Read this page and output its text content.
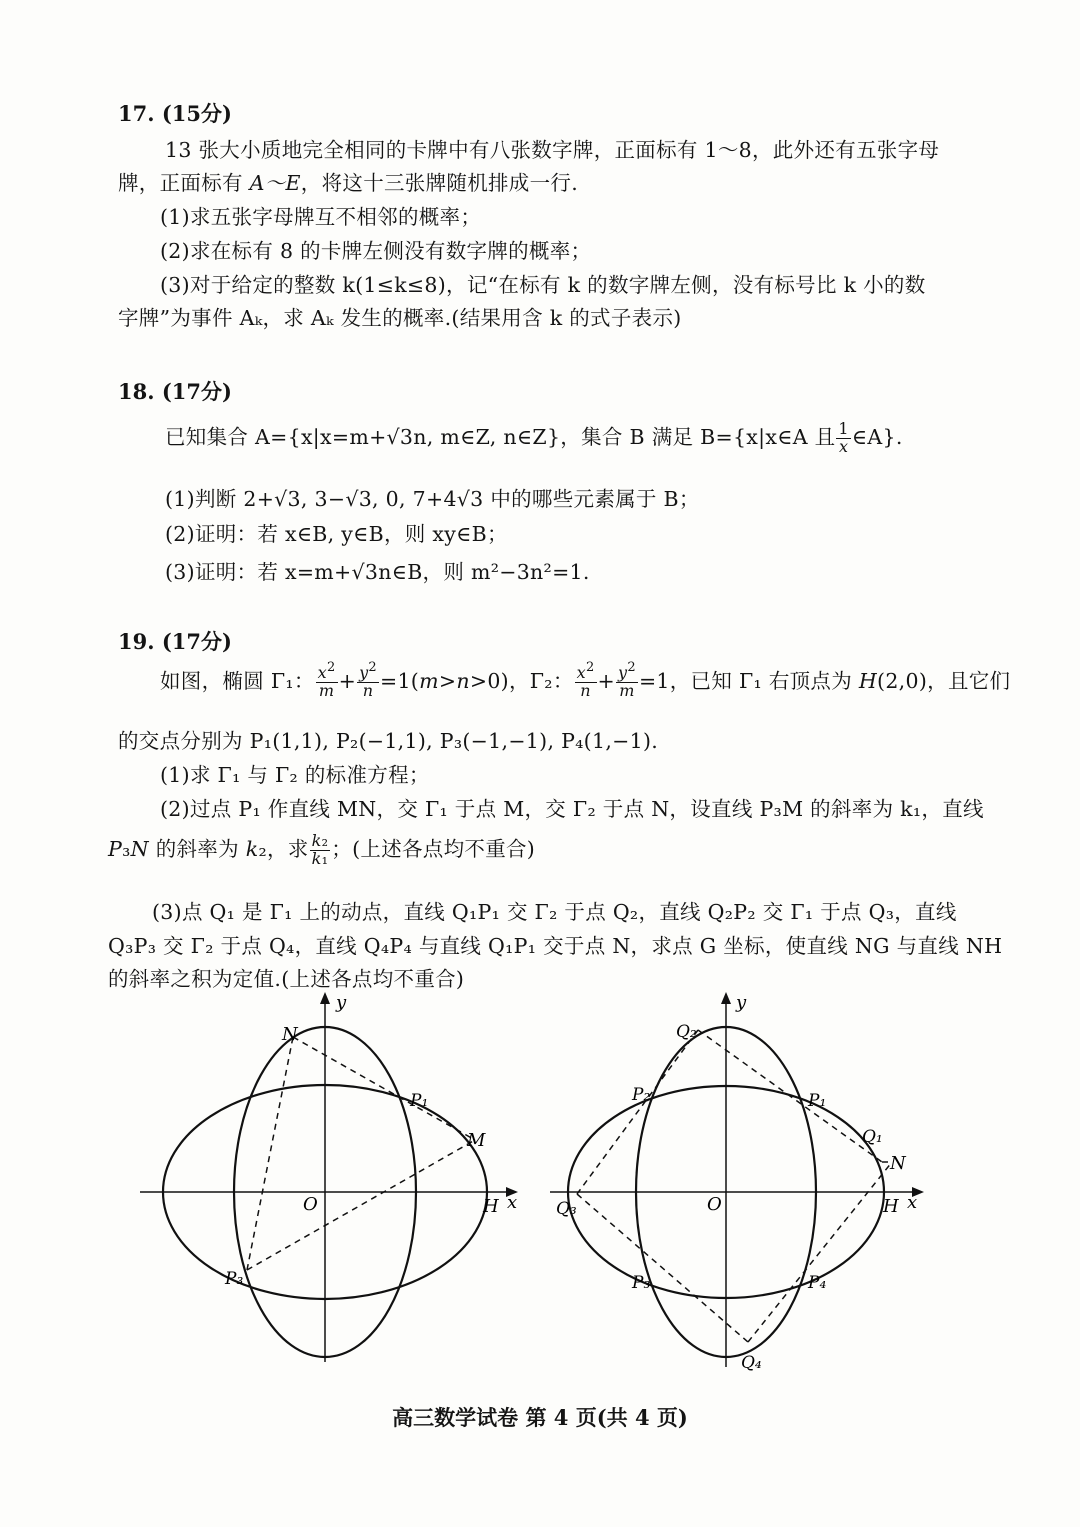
17. (15分)
13 张大小质地完全相同的卡牌中有八张数字牌，正面标有 1～8，此外还有五张字母
牌，正面标有 A～E，将这十三张牌随机排成一行.
(1)求五张字母牌互不相邻的概率；
(2)求在标有 8 的卡牌左侧没有数字牌的概率；
(3)对于给定的整数 k(1≤k≤8)，记“在标有 k 的数字牌左侧，没有标号比 k 小的数
字牌”为事件 Aₖ，求 Aₖ 发生的概率.(结果用含 k 的式子表示)
18. (17分)
已知集合 A={x|x=m+√3n, m∈Z, n∈Z}，集合 B 满足 B={x|x∈A 且 $\frac{1}{x}$ ∈A}.
(1)判断 2+√3, 3−√3, 0, 7+4√3 中的哪些元素属于 B；
(2)证明：若 x∈B, y∈B，则 xy∈B；
(3)证明：若 x=m+√3n∈B，则 m²−3n²=1.
19. (17分)
如图，椭圆 Γ₁： $\frac{x^2}{m} + \frac{y^2}{n} =1(m>n>0)$，Γ₂： $\frac{x^2}{n} + \frac{y^2}{m} =1$，已知 Γ₁ 右顶点为 H(2,0)，且它们
的交点分别为 P₁(1,1), P₂(−1,1), P₃(−1,−1), P₄(1,−1).
(1)求 Γ₁ 与 Γ₂ 的标准方程；
(2)过点 P₁ 作直线 MN，交 Γ₁ 于点 M，交 Γ₂ 于点 N，设直线 P₃M 的斜率为 k₁，直线
P₃N 的斜率为 k₂，求 $\frac{\text{k₂}}{\text{k₁}}$ ；(上述各点均不重合)
(3)点 Q₁ 是 Γ₁ 上的动点，直线 Q₁P₁ 交 Γ₂ 于点 Q₂，直线 Q₂P₂ 交 Γ₁ 于点 Q₃，直线
Q₃P₃ 交 Γ₂ 于点 Q₄，直线 Q₄P₄ 与直线 Q₁P₁ 交于点 N，求点 G 坐标，使直线 NG 与直线 NH
的斜率之积为定值.(上述各点均不重合)
N
P₁
M
O	H x
y
P₃
Q₂
P₂	P₁
Q₁
N
Q₃	O	H x
y
P₃	P₄
Q₄
高三数学试卷 第 4 页(共 4 页)
